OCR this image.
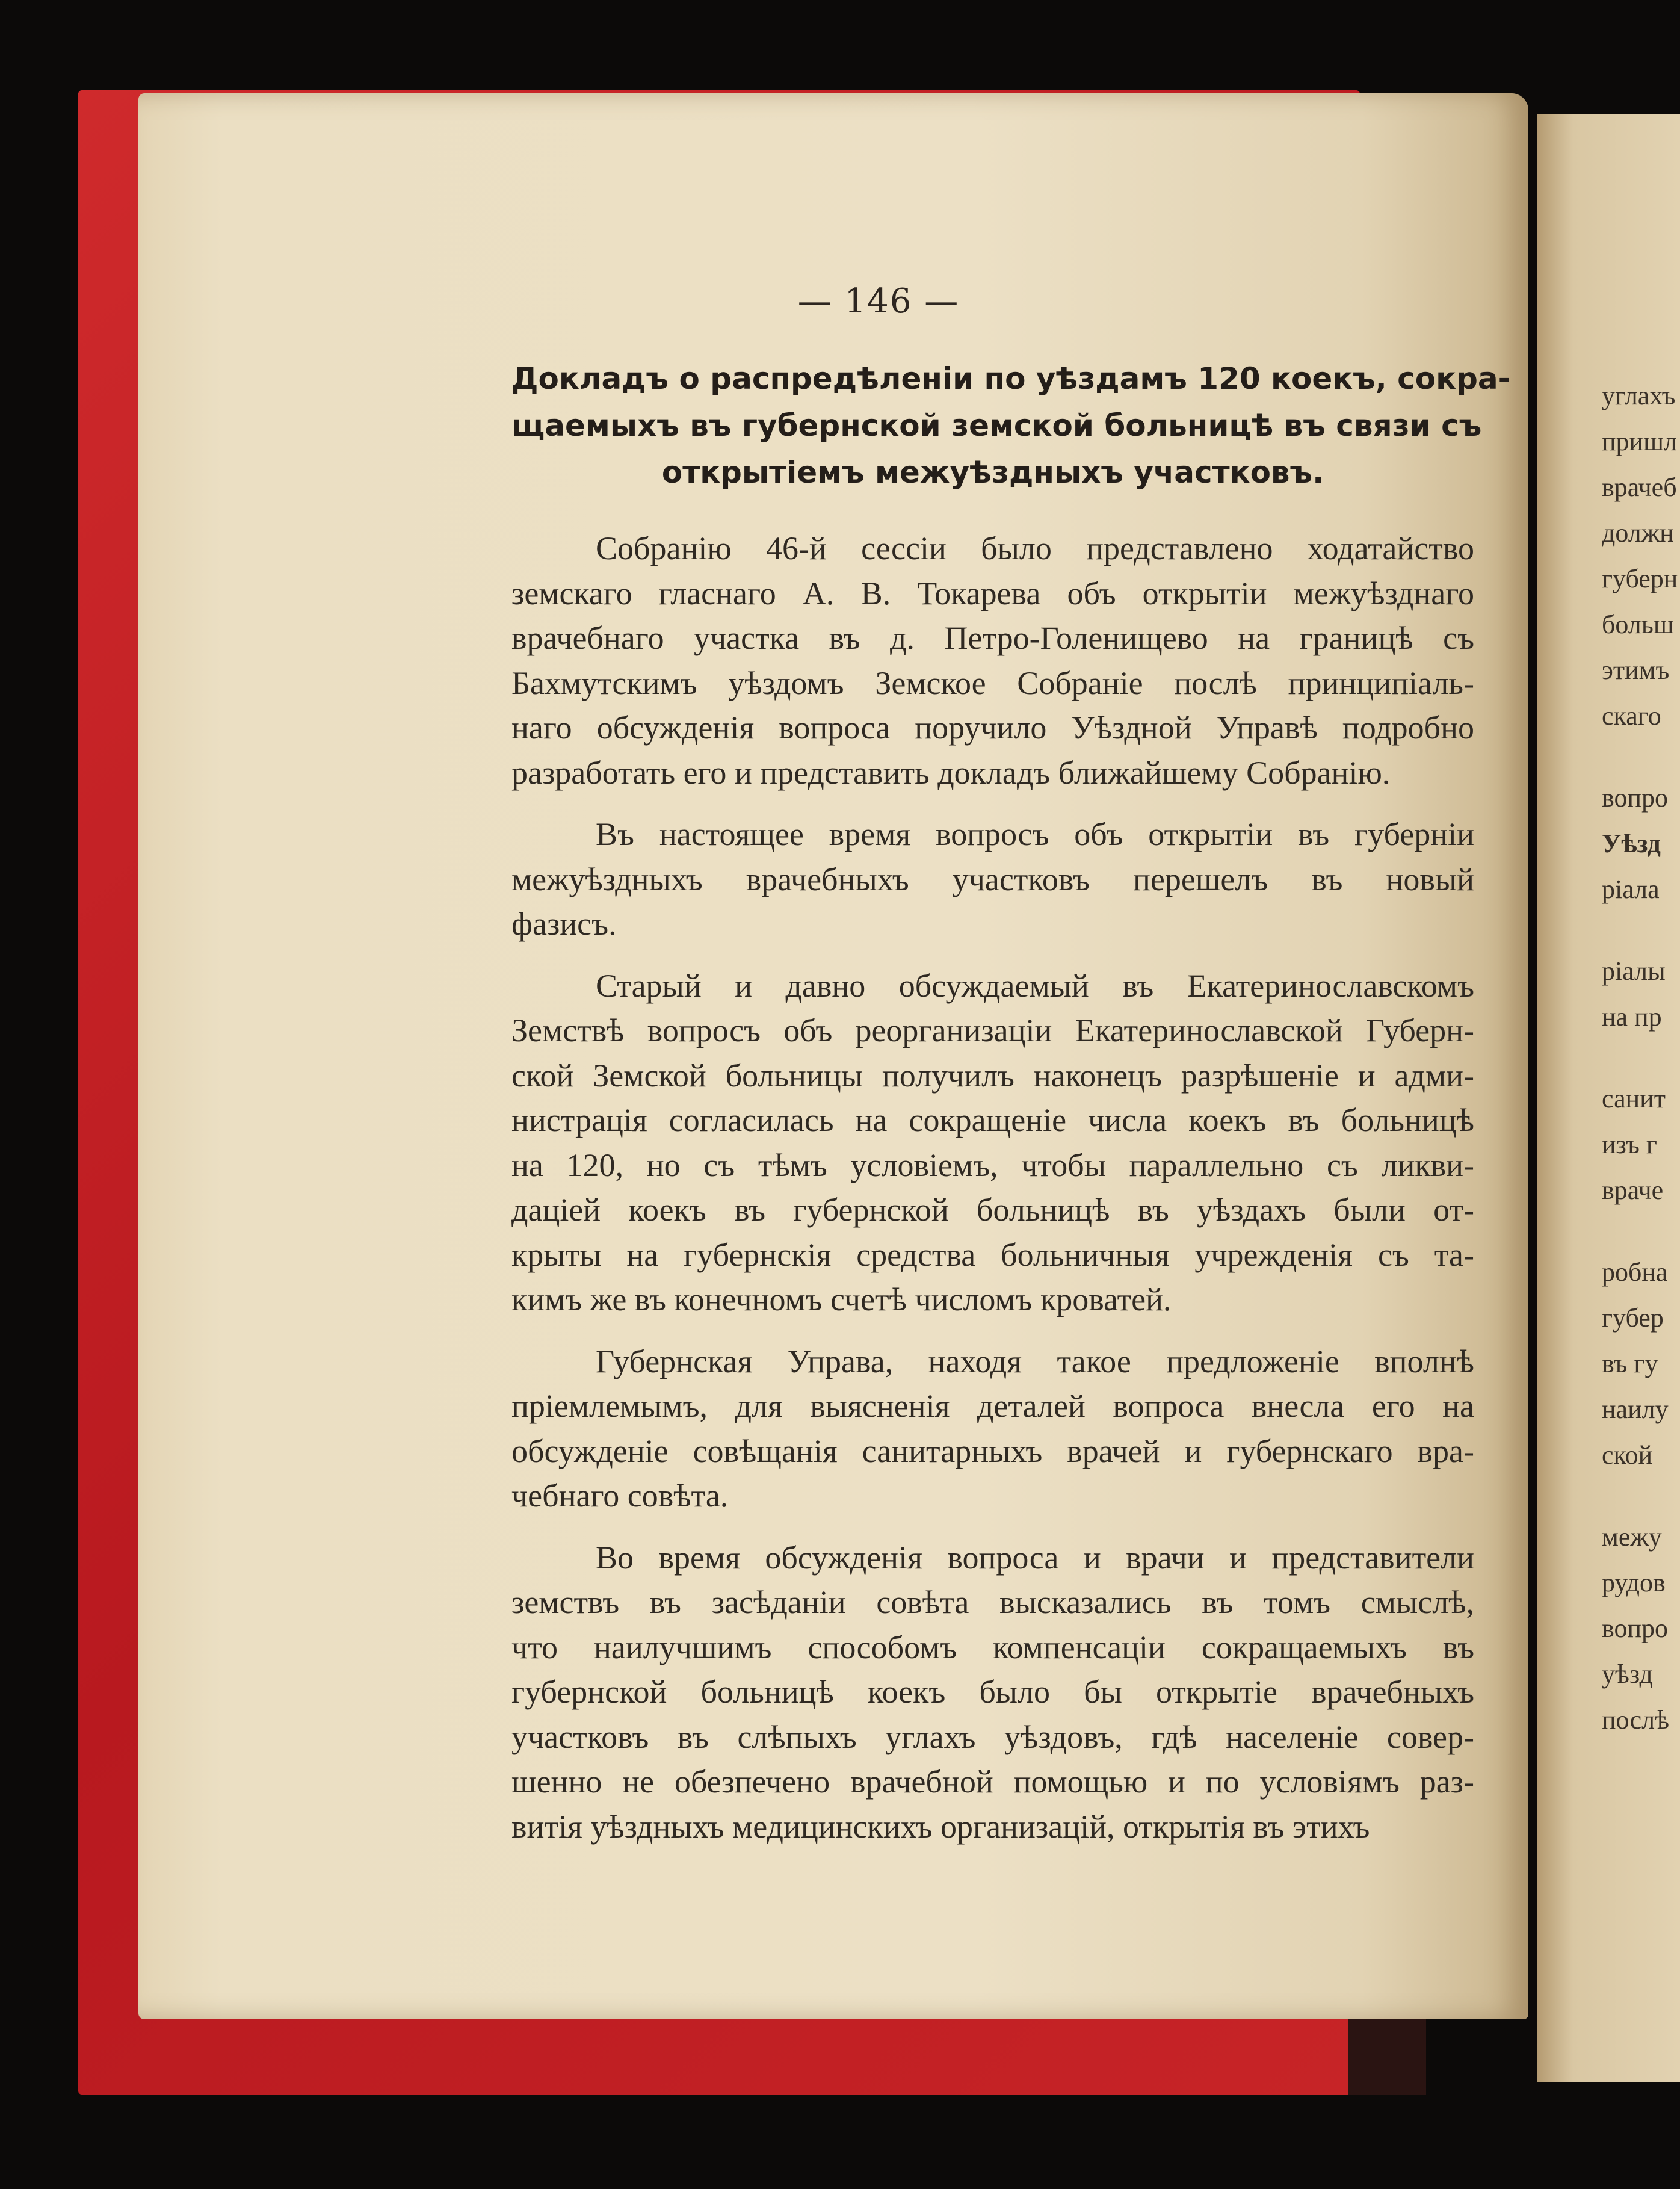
— 146 —
Докладъ о распредѣленіи по уѣздамъ 120 коекъ, сокра-
щаемыхъ въ губернской земской больницѣ въ связи съ
открытіемъ межуѣздныхъ участковъ.
Собранію 46-й сессіи было представлено ходатайство
земскаго гласнаго А. В. Токарева объ открытіи межуѣзднаго
врачебнаго участка въ д. Петро-Голенищево на границѣ съ
Бахмутскимъ уѣздомъ Земское Собраніе послѣ принципіаль-
наго обсужденія вопроса поручило Уѣздной Управѣ подробно
разработать его и представить докладъ ближайшему Собранію.
Въ настоящее время вопросъ объ открытіи въ губерніи
межуѣздныхъ врачебныхъ участковъ перешелъ въ новый
фазисъ.
Старый и давно обсуждаемый въ Екатеринославскомъ
Земствѣ вопросъ объ реорганизаціи Екатеринославской Губерн-
ской Земской больницы получилъ наконецъ разрѣшеніе и адми-
нистрація согласилась на сокращеніе числа коекъ въ больницѣ
на 120, но съ тѣмъ условіемъ, чтобы параллельно съ ликви-
даціей коекъ въ губернской больницѣ въ уѣздахъ были от-
крыты на губернскія средства больничныя учрежденія съ та-
кимъ же въ конечномъ счетѣ числомъ кроватей.
Губернская Управа, находя такое предложеніе вполнѣ
пріемлемымъ, для выясненія деталей вопроса внесла его на
обсужденіе совѣщанія санитарныхъ врачей и губернскаго вра-
чебнаго совѣта.
Во время обсужденія вопроса и врачи и представители
земствъ въ засѣданіи совѣта высказались въ томъ смыслѣ,
что наилучшимъ способомъ компенсаціи сокращаемыхъ въ
губернской больницѣ коекъ было бы открытіе врачебныхъ
участковъ въ слѣпыхъ углахъ уѣздовъ, гдѣ населеніе совер-
шенно не обезпечено врачебной помощью и по условіямъ раз-
витія уѣздныхъ медицинскихъ организацій, открытія въ этихъ
углахъ
пришл
врачеб
должн
губерн
больш
этимъ
скаго
вопро
Уѣзд
ріала
ріалы
на пр
санит
изъ г
враче
робна
губер
въ гу
наилу
ской
межу
рудов
вопро
уѣзд
послѣ
